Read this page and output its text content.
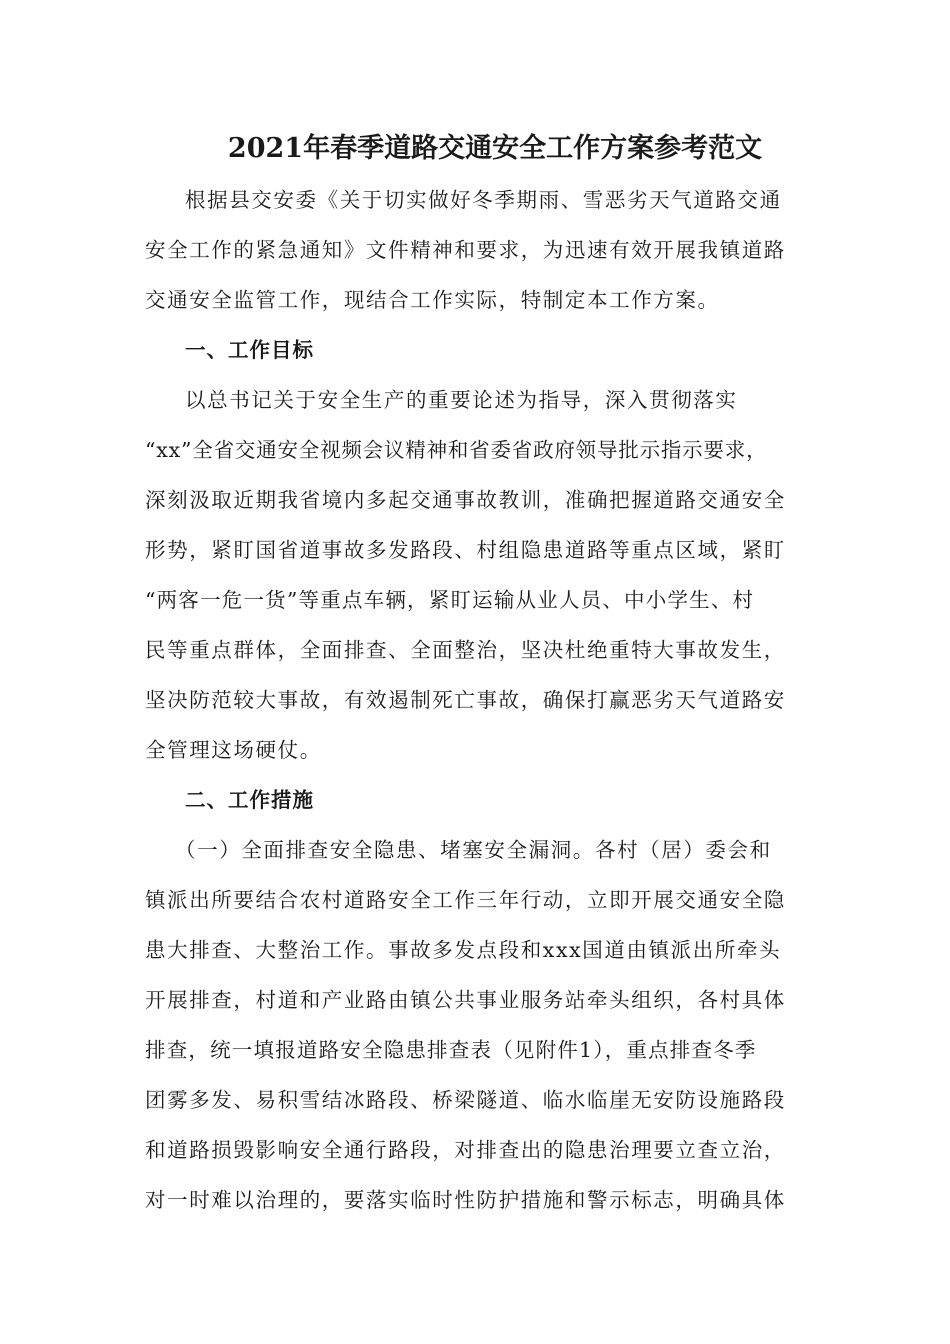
2021年春季道路交通安全工作方案参考范文
根据县交安委《关于切实做好冬季期雨、雪恶劣天气道路交通
安全工作的紧急通知》文件精神和要求，为迅速有效开展我镇道路
交通安全监管工作，现结合工作实际，特制定本工作方案。
一、工作目标
以总书记关于安全生产的重要论述为指导，深入贯彻落实
“xx”全省交通安全视频会议精神和省委省政府领导批示指示要求，
深刻汲取近期我省境内多起交通事故教训，准确把握道路交通安全
形势，紧盯国省道事故多发路段、村组隐患道路等重点区域，紧盯
“两客一危一货”等重点车辆，紧盯运输从业人员、中小学生、村
民等重点群体，全面排查、全面整治，坚决杜绝重特大事故发生，
坚决防范较大事故，有效遏制死亡事故，确保打赢恶劣天气道路安
全管理这场硬仗。
二、工作措施
（一）全面排查安全隐患、堵塞安全漏洞。各村（居）委会和
镇派出所要结合农村道路安全工作三年行动，立即开展交通安全隐
患大排查、大整治工作。事故多发点段和xxx国道由镇派出所牵头
开展排查，村道和产业路由镇公共事业服务站牵头组织，各村具体
排查，统一填报道路安全隐患排查表（见附件1），重点排查冬季
团雾多发、易积雪结冰路段、桥梁隧道、临水临崖无安防设施路段
和道路损毁影响安全通行路段，对排查出的隐患治理要立查立治，
对一时难以治理的，要落实临时性防护措施和警示标志，明确具体
